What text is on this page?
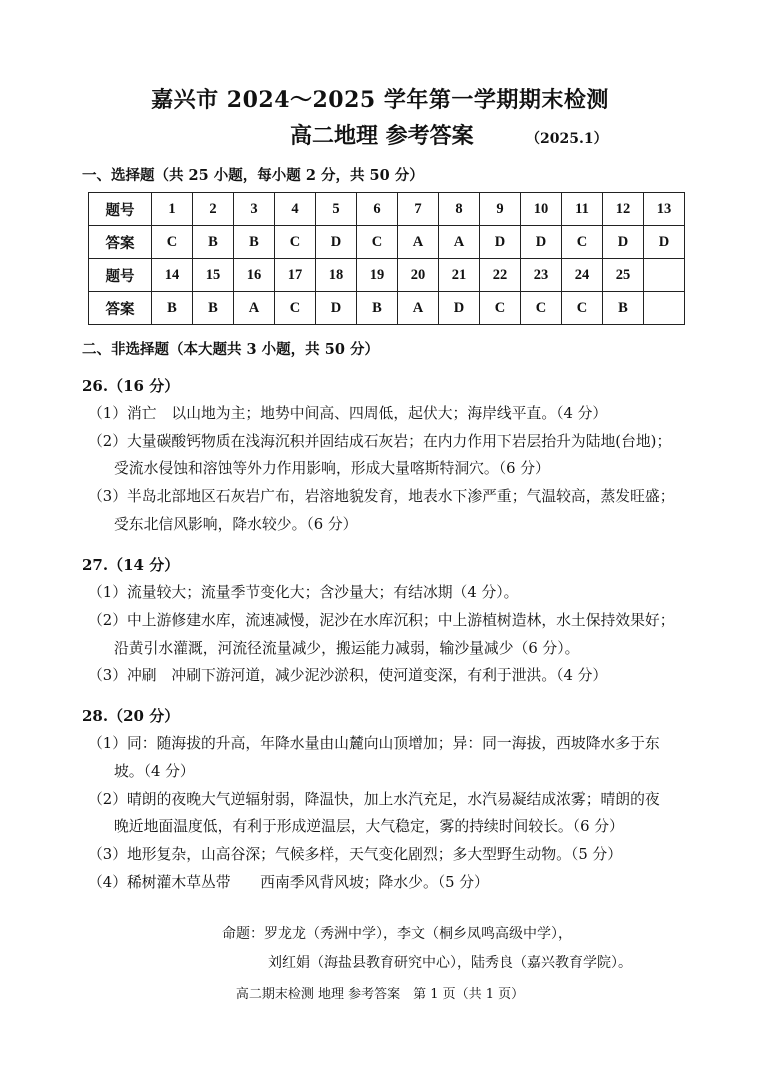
嘉兴市 2024～2025 学年第一学期期末检测
高二地理 参考答案	（2025.1）
一、选择题（共 25 小题，每小题 2 分，共 50 分）
题号	1	2	3	4	5	6	7	8	9	10	11	12	13
答案	C	B	B	C	D	C	A	A	D	D	C	D	D
题号	14	15	16	17	18	19	20	21	22	23	24	25	
答案	B	B	A	C	D	B	A	D	C	C	C	B	
二、非选择题（本大题共 3 小题，共 50 分）
26.（16 分）
（1）消亡　以山地为主；地势中间高、四周低，起伏大；海岸线平直。（4 分）
（2）大量碳酸钙物质在浅海沉积并固结成石灰岩；在内力作用下岩层抬升为陆地(台地)；
受流水侵蚀和溶蚀等外力作用影响，形成大量喀斯特洞穴。（6 分）
（3）半岛北部地区石灰岩广布，岩溶地貌发育，地表水下渗严重；气温较高，蒸发旺盛；
受东北信风影响，降水较少。（6 分）
27.（14 分）
（1）流量较大；流量季节变化大；含沙量大；有结冰期（4 分）。
（2）中上游修建水库，流速减慢，泥沙在水库沉积；中上游植树造林，水土保持效果好；
沿黄引水灌溉，河流径流量减少，搬运能力减弱，输沙量减少（6 分）。
（3）冲刷　冲刷下游河道，减少泥沙淤积，使河道变深，有利于泄洪。（4 分）
28.（20 分）
（1）同：随海拔的升高，年降水量由山麓向山顶增加；异：同一海拔，西坡降水多于东
坡。（4 分）
（2）晴朗的夜晚大气逆辐射弱，降温快，加上水汽充足，水汽易凝结成浓雾；晴朗的夜
晚近地面温度低，有利于形成逆温层，大气稳定，雾的持续时间较长。（6 分）
（3）地形复杂，山高谷深；气候多样，天气变化剧烈；多大型野生动物。（5 分）
（4）稀树灌木草丛带　　西南季风背风坡；降水少。（5 分）
命题：罗龙龙（秀洲中学），李文（桐乡凤鸣高级中学），
刘红娟（海盐县教育研究中心），陆秀良（嘉兴教育学院）。
高二期末检测 地理 参考答案　第 1 页（共 1 页）
